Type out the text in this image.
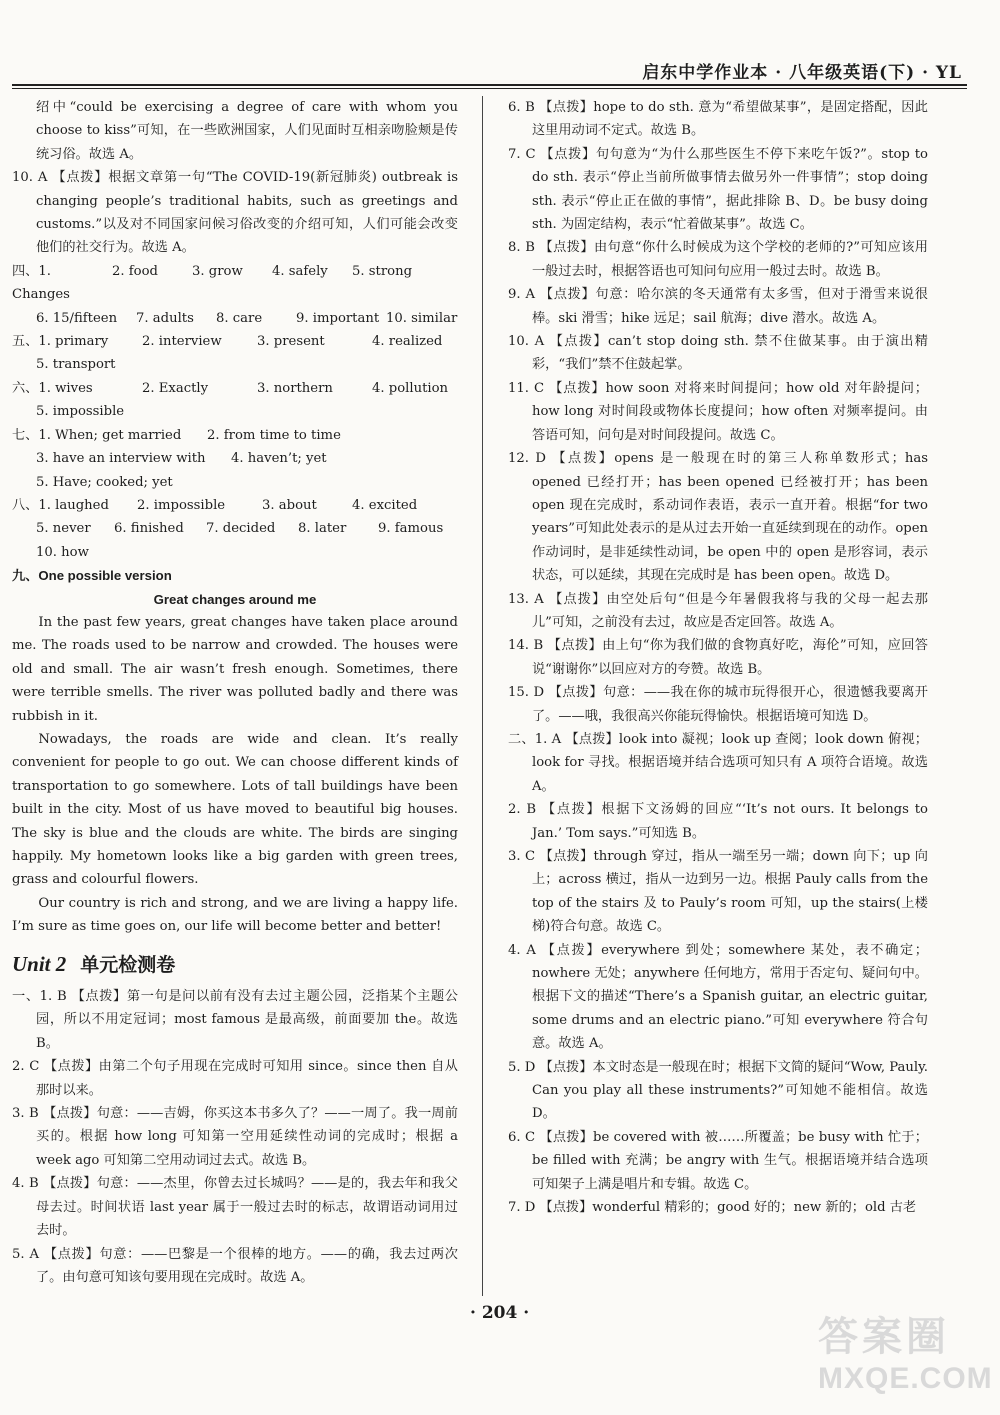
启东中学作业本 · 八年级英语(下) · YL

绍中“could be exercising a degree of care with whom you choose to kiss”可知，在一些欧洲国家，人们见面时互相亲吻脸颊是传统习俗。故选 A。

10. A 【点拨】根据文章第一句“The COVID-19(新冠肺炎) outbreak is changing people’s traditional habits, such as greetings and customs.”以及对不同国家问候习俗改变的介绍可知，人们可能会改变他们的社交行为。故选 A。

四、1. Changes
2. food	3. grow	4. safely	5. strong
6. 15/fifteen	7. adults	8. care	9. important 10. similar
五、1. primary	2. interview	3. present	4. realized
5. transport
六、1. wives	2. Exactly	3. northern	4. pollution
5. impossible
七、1. When; get married	2. from time to time
3. have an interview with	4. haven’t; yet
5. Have; cooked; yet
八、1. laughed	2. impossible	3. about	4. excited
5. never	6. finished	7. decided	8. later	9. famous
10. how
九、One possible version
Great changes around me

In the past few years, great changes have taken place around me. The roads used to be narrow and crowded. The houses were old and small. The air wasn’t fresh enough. Sometimes, there were terrible smells. The river was polluted badly and there was rubbish in it.

Nowadays, the roads are wide and clean. It’s really convenient for people to go out. We can choose different kinds of transportation to go somewhere. Lots of tall buildings have been built in the city. Most of us have moved to beautiful big houses. The sky is blue and the clouds are white. The birds are singing happily. My hometown looks like a big garden with green trees, grass and colourful flowers.

Our country is rich and strong, and we are living a happy life. I’m sure as time goes on, our life will become better and better!

Unit 2 单元检测卷

一、1. B 【点拨】第一句是问以前有没有去过主题公园，泛指某个主题公园，所以不用定冠词；most famous 是最高级，前面要加 the。故选 B。

2. C 【点拨】由第二个句子用现在完成时可知用 since。since then 自从那时以来。

3. B 【点拨】句意：——吉姆，你买这本书多久了？——一周了。我一周前买的。根据 how long 可知第一空用延续性动词的完成时；根据 a week ago 可知第二空用动词过去式。故选 B。

4. B 【点拨】句意：——杰里，你曾去过长城吗？——是的，我去年和我父母去过。时间状语 last year 属于一般过去时的标志，故谓语动词用过去时。

5. A 【点拨】句意：——巴黎是一个很棒的地方。——的确，我去过两次了。由句意可知该句要用现在完成时。故选 A。

6. B 【点拨】hope to do sth. 意为“希望做某事”，是固定搭配，因此这里用动词不定式。故选 B。

7. C 【点拨】句句意为“为什么那些医生不停下来吃午饭?”。stop to do sth. 表示“停止当前所做事情去做另外一件事情”；stop doing sth. 表示“停止正在做的事情”，据此排除 B、D。be busy doing sth. 为固定结构，表示“忙着做某事”。故选 C。

8. B 【点拨】由句意“你什么时候成为这个学校的老师的?”可知应该用一般过去时，根据答语也可知问句应用一般过去时。故选 B。

9. A 【点拨】句意：哈尔滨的冬天通常有太多雪，但对于滑雪来说很棒。ski 滑雪；hike 远足；sail 航海；dive 潜水。故选 A。

10. A 【点拨】can’t stop doing sth. 禁不住做某事。由于演出精彩，“我们”禁不住鼓起掌。

11. C 【点拨】how soon 对将来时间提问；how old 对年龄提问；how long 对时间段或物体长度提问；how often 对频率提问。由答语可知，问句是对时间段提问。故选 C。

12. D 【点拨】opens 是一般现在时的第三人称单数形式；has opened 已经打开；has been opened 已经被打开；has been open 现在完成时，系动词作表语，表示一直开着。根据“for two years”可知此处表示的是从过去开始一直延续到现在的动作。open 作动词时，是非延续性动词，be open 中的 open 是形容词，表示状态，可以延续，其现在完成时是 has been open。故选 D。

13. A 【点拨】由空处后句“但是今年暑假我将与我的父母一起去那儿”可知，之前没有去过，故应是否定回答。故选 A。

14. B 【点拨】由上句“你为我们做的食物真好吃，海伦”可知，应回答说“谢谢你”以回应对方的夸赞。故选 B。

15. D 【点拨】句意：——我在你的城市玩得很开心，很遗憾我要离开了。——哦，我很高兴你能玩得愉快。根据语境可知选 D。

二、1. A 【点拨】look into 凝视；look up 查阅；look down 俯视；look for 寻找。根据语境并结合选项可知只有 A 项符合语境。故选 A。

2. B 【点拨】根据下文汤姆的回应“‘It’s not ours. It belongs to Jan.’ Tom says.”可知选 B。

3. C 【点拨】through 穿过，指从一端至另一端；down 向下；up 向上；across 横过，指从一边到另一边。根据 Pauly calls from the top of the stairs 及 to Pauly’s room 可知，up the stairs(上楼梯)符合句意。故选 C。

4. A 【点拨】everywhere 到处；somewhere 某处，表不确定；nowhere 无处；anywhere 任何地方，常用于否定句、疑问句中。根据下文的描述“There’s a Spanish guitar, an electric guitar, some drums and an electric piano.”可知 everywhere 符合句意。故选 A。

5. D 【点拨】本文时态是一般现在时；根据下文简的疑问“Wow, Pauly. Can you play all these instruments?”可知她不能相信。故选 D。

6. C 【点拨】be covered with 被……所覆盖；be busy with 忙于；be filled with 充满；be angry with 生气。根据语境并结合选项可知架子上满是唱片和专辑。故选 C。

7. D 【点拨】wonderful 精彩的；good 好的；new 新的；old 古老

· 204 ·	答案圈
MXQE.COM
